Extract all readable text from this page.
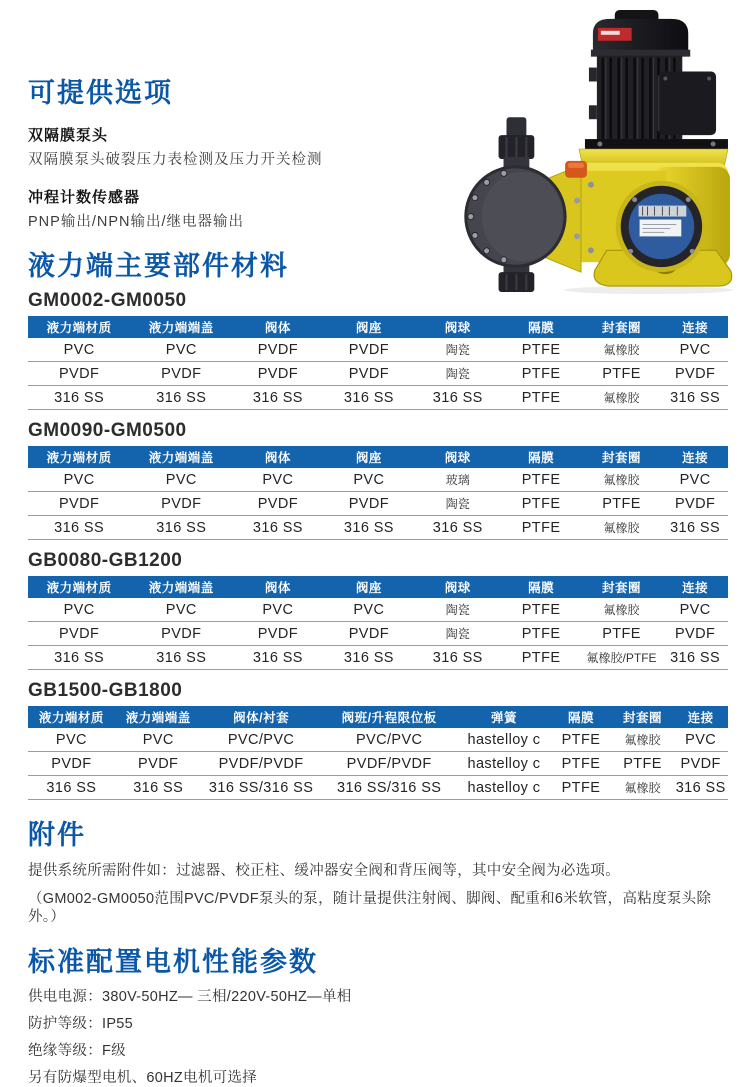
可提供选项
双隔膜泵头
双隔膜泵头破裂压力表检测及压力开关检测
冲程计数传感器
PNP输出/NPN输出/继电器输出
液力端主要部件材料
GM0002-GM0050
液力端材质	液力端端盖	阀体	阀座	阀球	隔膜	封套圈	连接
PVC	PVC	PVDF	PVDF	陶瓷	PTFE	氟橡胶	PVC
PVDF	PVDF	PVDF	PVDF	陶瓷	PTFE	PTFE	PVDF
316 SS	316 SS	316 SS	316 SS	316 SS	PTFE	氟橡胶	316 SS
GM0090-GM0500
液力端材质	液力端端盖	阀体	阀座	阀球	隔膜	封套圈	连接
PVC	PVC	PVC	PVC	玻璃	PTFE	氟橡胶	PVC
PVDF	PVDF	PVDF	PVDF	陶瓷	PTFE	PTFE	PVDF
316 SS	316 SS	316 SS	316 SS	316 SS	PTFE	氟橡胶	316 SS
GB0080-GB1200
液力端材质	液力端端盖	阀体	阀座	阀球	隔膜	封套圈	连接
PVC	PVC	PVC	PVC	陶瓷	PTFE	氟橡胶	PVC
PVDF	PVDF	PVDF	PVDF	陶瓷	PTFE	PTFE	PVDF
316 SS	316 SS	316 SS	316 SS	316 SS	PTFE	氟橡胶/PTFE	316 SS
GB1500-GB1800
液力端材质	液力端端盖	阀体/衬套	阀班/升程限位板	弹簧	隔膜	封套圈	连接
PVC	PVC	PVC/PVC	PVC/PVC	hastelloy c	PTFE	氟橡胶	PVC
PVDF	PVDF	PVDF/PVDF	PVDF/PVDF	hastelloy c	PTFE	PTFE	PVDF
316 SS	316 SS	316 SS/316 SS	316 SS/316 SS	hastelloy c	PTFE	氟橡胶	316 SS
附件
提供系统所需附件如：过滤器、校正柱、缓冲器安全阀和背压阀等，其中安全阀为必选项。
（GM002-GM0050范围PVC/PVDF泵头的泵，随计量提供注射阀、脚阀、配重和6米软管，高粘度泵头除外。）
标准配置电机性能参数
供电电源：380V-50HZ— 三相/220V-50HZ—单相
防护等级：IP55
绝缘等级：F级
另有防爆型电机、60HZ电机可选择
